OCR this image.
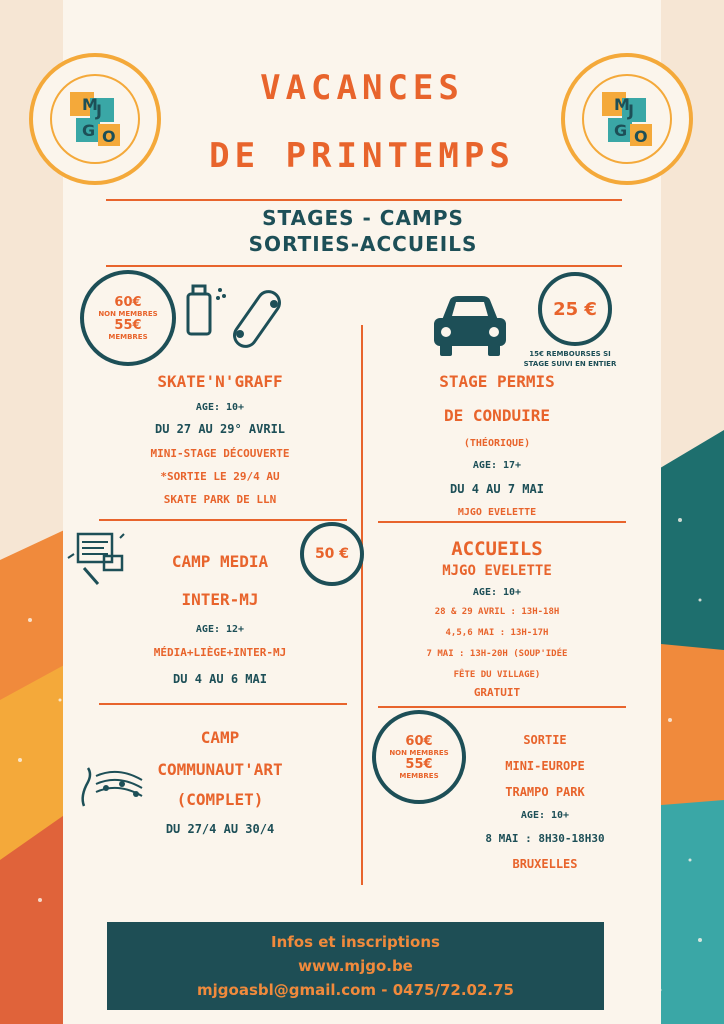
M
J
G O
M
J
G O
VACANCES
DE PRINTEMPS
STAGES - CAMPS
SORTIES-ACCUEILS
60€
NON MEMBRES
55€
MEMBRES
SKATE'N'GRAFF
AGE: 10+
DU 27 AU 29° AVRIL
MINI-STAGE DÉCOUVERTE
*SORTIE LE 29/4 AU
SKATE PARK DE LLN
25 €
15€ REMBOURSES SI
STAGE SUIVI EN ENTIER
STAGE PERMIS
DE CONDUIRE
(THÉORIQUE)
AGE: 17+
DU 4 AU 7 MAI
MJGO EVELETTE
CAMP MEDIA	50 €
INTER-MJ
AGE: 12+
MÉDIA+LIÈGE+INTER-MJ
DU 4 AU 6 MAI
ACCUEILS
MJGO EVELETTE
AGE: 10+
28 & 29 AVRIL : 13H-18H
4,5,6 MAI : 13H-17H
7 MAI : 13H-20H (SOUP'IDÉE
FÊTE DU VILLAGE)
GRATUIT
CAMP
COMMUNAUT'ART
(COMPLET)
DU 27/4 AU 30/4
60€
NON MEMBRES
55€
MEMBRES
SORTIE
MINI-EUROPE
TRAMPO PARK
AGE: 10+
8 MAI : 8H30-18H30
BRUXELLES
Infos et inscriptions
www.mjgo.be
mjgoasbl@gmail.com - 0475/72.02.75
